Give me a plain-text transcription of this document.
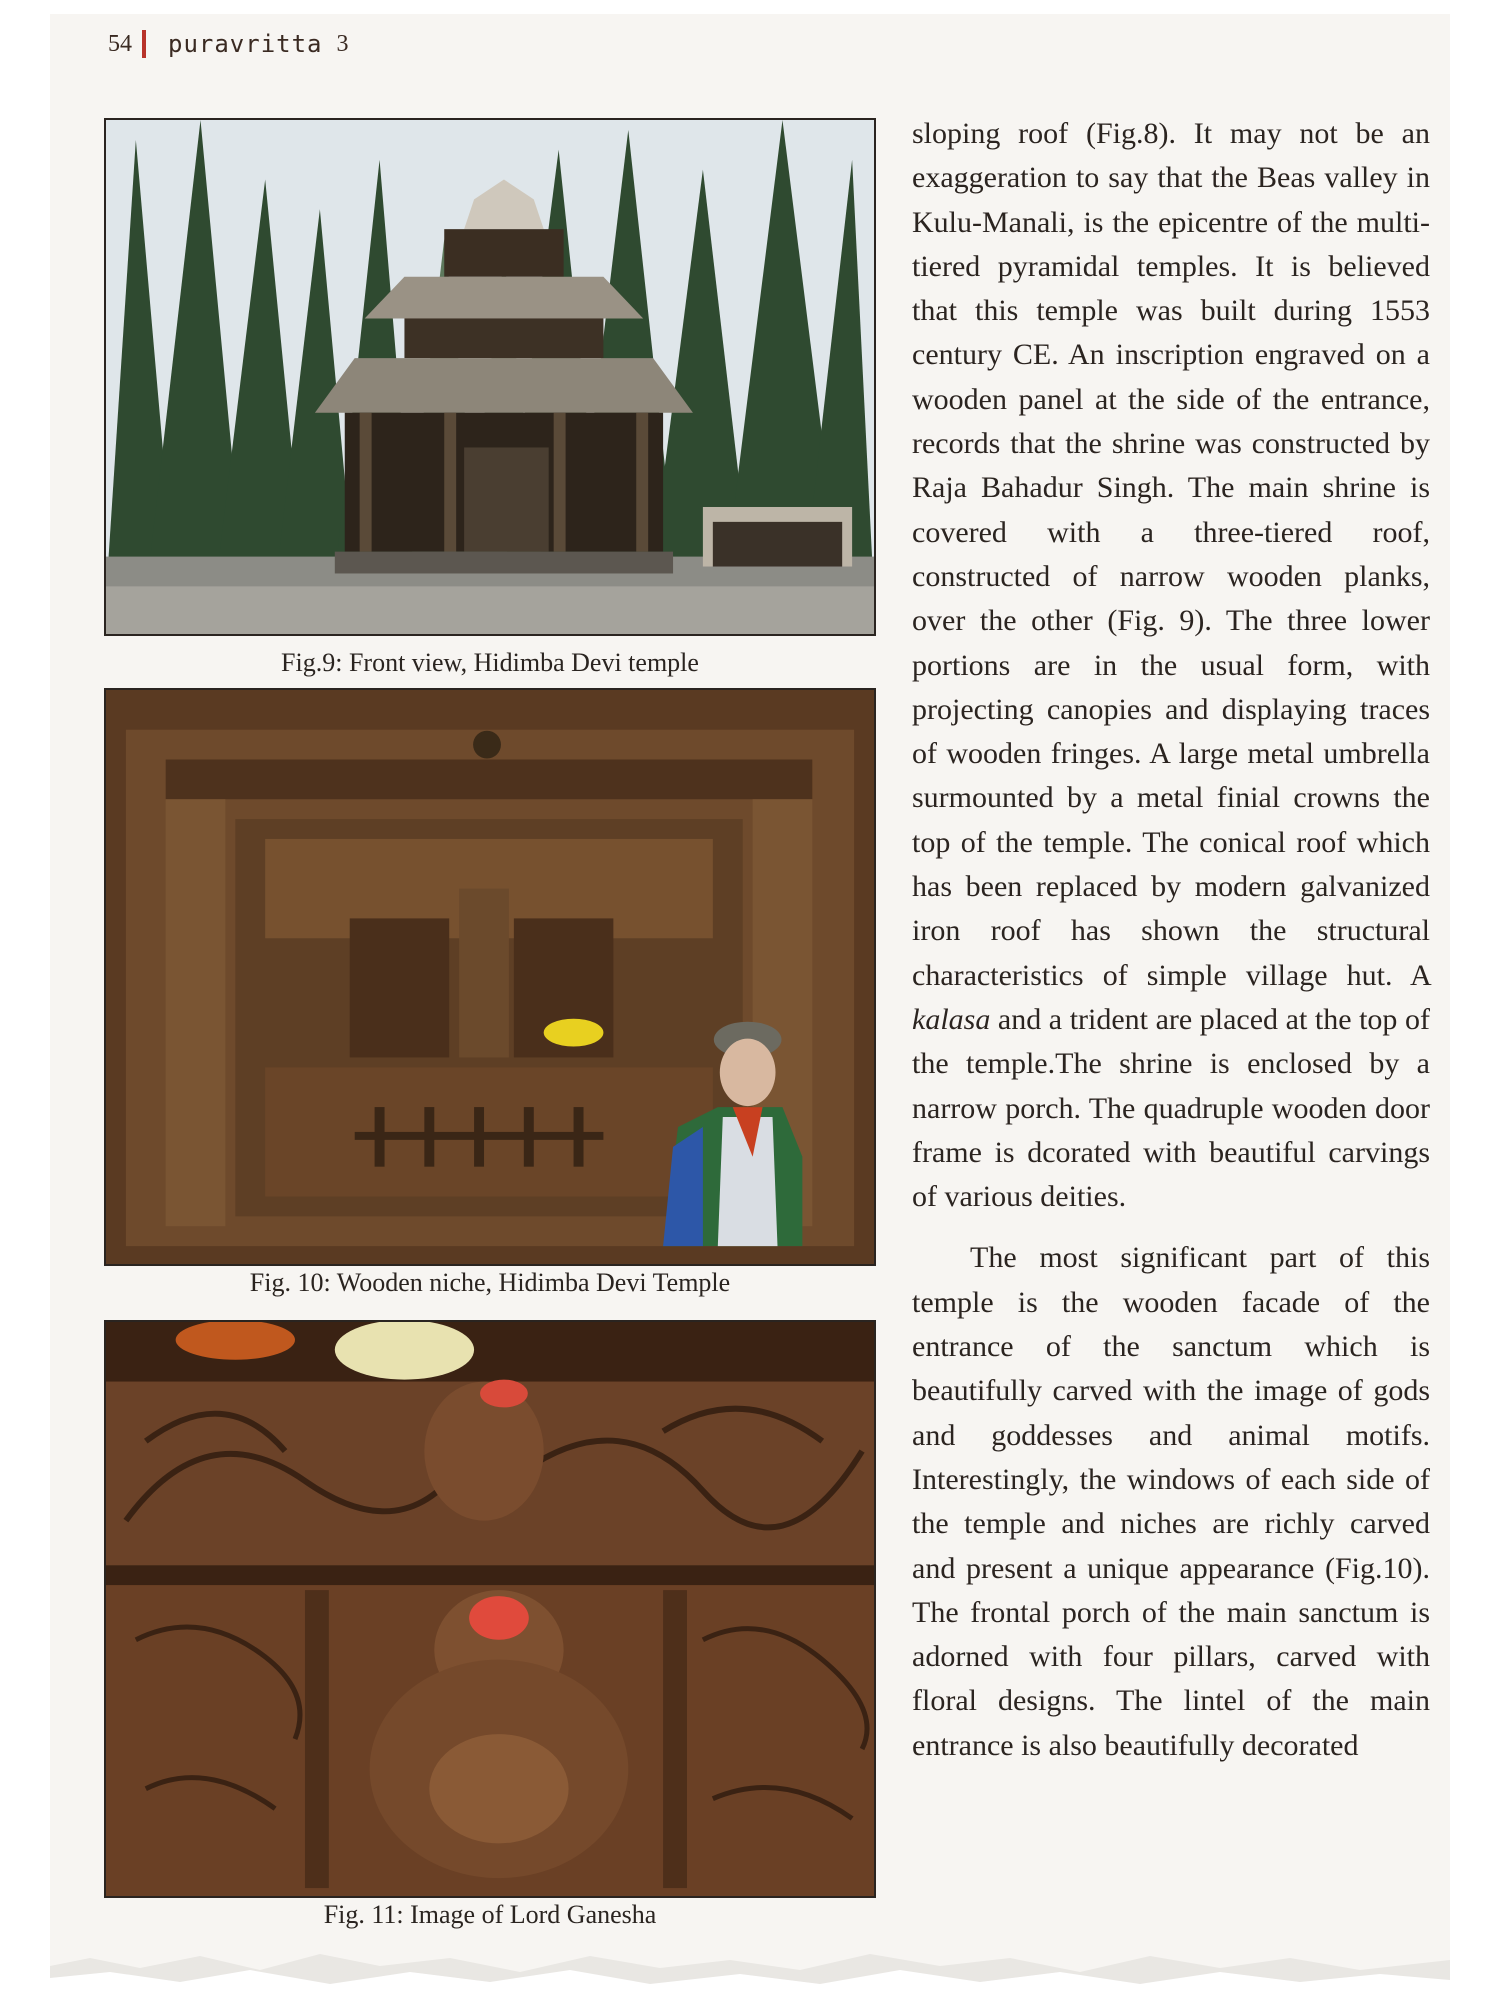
54 puravritta 3
Fig.9: Front view, Hidimba Devi temple
Fig. 10: Wooden niche, Hidimba Devi Temple
Fig. 11: Image of Lord Ganesha

sloping roof (Fig.8). It may not be an exaggeration to say that the Beas valley in Kulu-Manali, is the epicentre of the multi-tiered pyramidal temples. It is believed that this temple was built during 1553 century CE. An inscription engraved on a wooden panel at the side of the entrance, records that the shrine was constructed by Raja Bahadur Singh. The main shrine is covered with a three-tiered roof, constructed of narrow wooden planks, over the other (Fig. 9). The three lower portions are in the usual form, with projecting canopies and displaying traces of wooden fringes. A large metal umbrella surmounted by a metal finial crowns the top of the temple. The conical roof which has been replaced by modern galvanized iron roof has shown the structural characteristics of simple village hut. A kalasa and a trident are placed at the top of the temple.The shrine is enclosed by a narrow porch. The quadruple wooden door frame is dcorated with beautiful carvings of various deities.

The most significant part of this temple is the wooden facade of the entrance of the sanctum which is beautifully carved with the image of gods and goddesses and animal motifs. Interestingly, the windows of each side of the temple and niches are richly carved and present a unique appearance (Fig.10). The frontal porch of the main sanctum is adorned with four pillars, carved with floral designs. The lintel of the main entrance is also beautifully decorated
